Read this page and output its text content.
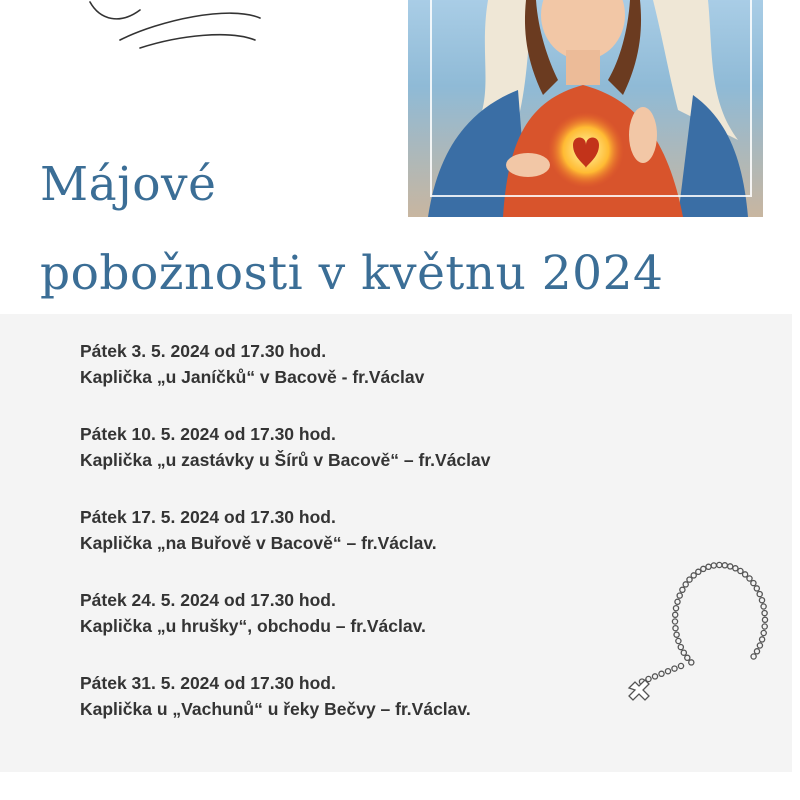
Májové
pobožnosti v květnu 2024
Pátek 3. 5. 2024 od 17.30 hod.
Kaplička „u Janíčků“ v Bacově - fr.Václav
Pátek 10. 5. 2024 od 17.30 hod.
Kaplička „u zastávky u Šírů v Bacově“ – fr.Václav
Pátek 17. 5. 2024 od 17.30 hod.
Kaplička „na Buřově v Bacově“ – fr.Václav.
Pátek 24. 5. 2024 od 17.30 hod.
Kaplička „u hrušky“, obchodu – fr.Václav.
Pátek 31. 5. 2024 od 17.30 hod.
Kaplička u „Vachunů“ u řeky Bečvy – fr.Václav.
